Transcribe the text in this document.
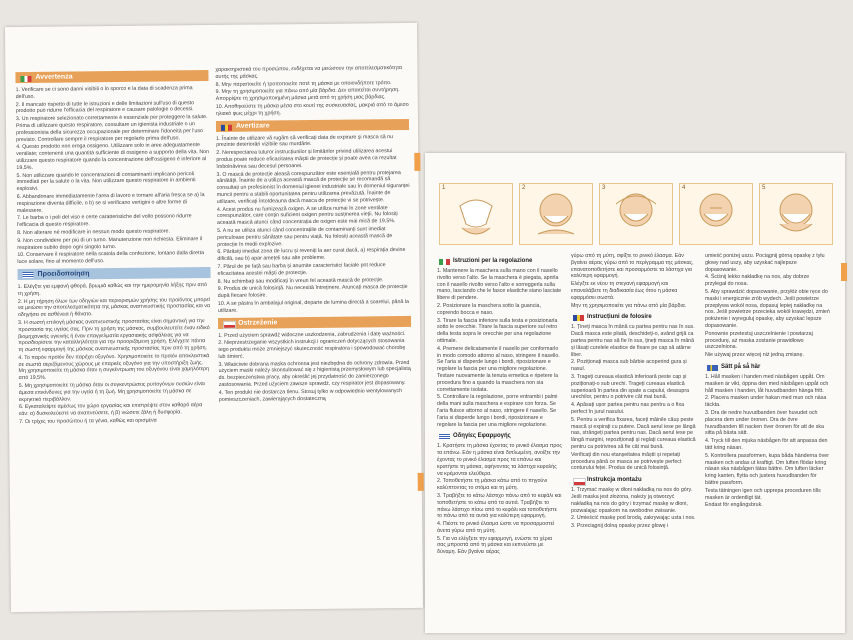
Avvertenza

1. Verificare se ci sono danni visibili o lo sporco e la data di scadenza prima dell'uso.

2. Il mancato rispetto di tutte le istruzioni e delle limitazioni sull'uso di questo prodotto può ridurre l'efficacia del respiratore e causare patologie o decessi.

3. Un respiratore selezionato correttamente è essenziale per proteggere la salute. Prima di utilizzare questo respiratore, consultare un igienista industriale o un professionista della sicurezza occupazionale per determinare l'idoneità per l'uso previsto. Controllare sempre il respiratore per regolarlo prima dell'uso.

4. Questo prodotto non eroga ossigeno. Utilizzare solo in aree adeguatamente ventilate; contenenti una quantità sufficiente di ossigeno a supporto della vita. Non utilizzare questo respiratore quando la concentrazione dell'ossigeno è inferiore al 19,5%.

5. Non utilizzare quando le concentrazioni di contaminanti implicano pericoli immediati per la salute o la vita. Non utilizzare questo respiratore in ambienti esplosivi.

6. Abbandonare immediatamente l'area di lavoro e tornare all'aria fresca se a) la respirazione diventa difficile, o b) se si verificano vertigini o altre forme di malessere.

7. Le barba o i peli del viso e certe caratteristiche del volto possono ridurre l'efficacia di questo respiratore.

8. Non alterare né modificare in nessun modo questo respiratore.

9. Non condividere per più di un turno. Manutenzione non richiesta. Eliminare il respiratore subito dopo ogni singolo turno.

10. Conservare il respiratore nella scatola della confezione, lontano dalla diretta luce solare, fino al momento dell'uso.

Προειδοποίηση

1. Ελέγξτε για εμφανή φθορά, βρωμιά καθώς και την ημερομηνία λήξης πριν από τη χρήση.

2. Η μη τήρηση όλων των οδηγιών και περιορισμών χρήσης του προϊόντος μπορεί να μειώσει την αποτελεσματικότητα της μάσκας αναπνευστικής προστασίας και να οδηγήσει σε ασθένεια ή θάνατο.

3. Η σωστή επιλογή μάσκας αναπνευστικής προστασίας είναι σημαντική για την προστασία της υγείας σας. Πριν τη χρήση της μάσκας, συμβουλευτείτε έναν ειδικό βιομηχανικής υγιεινής ή έναν επαγγελματία εργασιακής ασφάλειας για να προσδιορίσετε την καταλληλότητα για την προοριζόμενη χρήση. Ελέγχετε πάντα τη σωστή εφαρμογή της μάσκας αναπνευστικής προστασίας πριν από τη χρήση.

4. Το παρόν προϊόν δεν παρέχει οξυγόνο. Χρησιμοποιείτε το προϊόν αποκλειστικά σε σωστά αεριζόμενους χώρους με επαρκές οξυγόνο για την υποστήριξη ζωής. Μη χρησιμοποιείτε τη μάσκα όταν η συγκέντρωση του οξυγόνου είναι χαμηλότερη από 19,5%.

5. Μη χρησιμοποιείτε τη μάσκα όταν οι συγκεντρώσεις ρυπογόνων ουσιών είναι άμεσα επικίνδυνες για την υγεία ή τη ζωή. Μη χρησιμοποιείτε τη μάσκα σε εκρηκτικό περιβάλλον.

6. Εγκαταλείψτε αμέσως τον χώρο εργασίας και επιστρέψτε στον καθαρό αέρα εάν: α) δυσκολεύεστε να αναπνεύσετε, ή β) νιώσετε ζάλη ή δυσφορία.

7. Οι τρίχες του προσώπου ή τα γένια, καθώς και ορισμένα

χαρακτηριστικά του προσώπου, ενδέχεται να μειώσουν την αποτελεσματικότητα αυτής της μάσκας.

8. Μην παραποιείτε ή τροποποιείτε ποτέ τη μάσκα με οποιονδήποτε τρόπο.

9. Μην τη χρησιμοποιείτε για πάνω από μία βάρδια. Δεν απαιτείται συντήρηση. Απορρίψτε τη χρησιμοποιημένη μάσκα μετά από τη χρήση μιας βάρδιας.

10. Αποθηκεύστε τη μάσκα μέσα στο κουτί της συσκευασίας, μακριά από το άμεσο ηλιακό φως μέχρι τη χρήση.

Avertizare

1. Înainte de utilizare vă rugăm să verificați data de expirare și masca să nu prezinte deteriorări vizibile sau murdărie.

2. Nerespectarea tuturor instrucțiunilor și limitărilor privind utilizarea acestui produs poate reduce eficacitatea măștii de protecție și poate avea ca rezultat îmbolnăvirea sau decesul persoanei.

3. O mască de protecție aleasă corespunzător este esențială pentru protejarea sănătății. Înainte de a utiliza această mască de protecție se recomandă să consultați un profesionist în domeniul igienei industriale sau în domeniul siguranței muncii pentru a stabili oportunitatea pentru utilizarea prevăzută. Înainte de utilizare, verificați întotdeauna dacă masca de protecție vi se potrivește.

4. Acest produs nu furnizează oxigen. A se utiliza numai în zone ventilate corespunzător, care conțin suficient oxigen pentru susținerea vieții. Nu folosiți această mască atunci când concentrația de oxigen este mai mică de 19,5%.

5. A nu se utiliza atunci când concentrațiile de contaminanți sunt imediat periculoase pentru sănătate sau pentru viață. Nu folosiți această mască de protecție în medii explozive.

6. Părăsiți imediat zona de lucru și reveniți la aer curat dacă, a) respirația devine dificilă, sau b) apar amețeli sau alte probleme.

7. Părul de pe față sau barba și anumite caracteristici faciale pot reduce eficacitatea acestei măști de protecție.

8. Nu schimbați sau modificați în vreun fel această mască de protecție.

9. Produs de unică folosință. Nu necesită întreținere. Aruncați masca de protecție după fiecare folosire.

10. A se păstra în ambalajul original, departe de lumina directă a soarelui, până la utilizare.

Ostrzeżenie

1. Przed użyciem sprawdź widoczne uszkodzenia, zabrudzenia i datę ważności.

2. Nieprzestrzeganie wszystkich instrukcji i ograniczeń dotyczących stosowania tego produktu może zmniejszyć skuteczność respiratora i spowodować chorobę lub śmierć.

3. Właściwie dobrana maska ochronna jest niezbędna do ochrony zdrowia. Przed użyciem maski należy skonsultować się z higienistą przemysłowym lub specjalistą ds. bezpieczeństwa pracy, aby określić jej przydatność do zamierzonego zastosowania. Przed użyciem zawsze sprawdź, czy respirator jest dopasowany.

4. Ten produkt nie dostarcza tlenu. Stosuj tylko w odpowiednio wentylowanych pomieszczeniach, zawierających dostateczną

1	2	3	4	5
Istruzioni per la regolazione

1. Mantenere la maschera sulla mano con il nasello rivolto verso l'alto. Se la maschera è piegata, aprirla con il nasello rivolto verso l'alto e sorreggerla sulla mano, lasciando che le fasce elastiche siano lasciate libere di pendere.

2. Posizionare la maschera sotto la guancia, coprendo bocca e naso.

3. Tirare la fascia inferiore sulla testa e posizionarla sotto le orecchie. Tirare la fascia superiore sul retro della testa sopra le orecchie per una regolazione ottimale.

4. Premere delicatamente il nasello per conformarlo in modo comodo attorno al naso, stringere il nasello. Se l'aria si disperde lungo i bordi, riposizionare e regolare la fascia per una migliore regolazione. Testare nuovamente la tenuta ermetica e ripetere la procedura fino a quando la maschera non sia correttamente isolata.

5. Controllare la regolazione, porre entrambi i palmi della mani sulla maschera e espirare con forza. Se l'aria fluisce attorno al naso, stringere il nasello. Se l'aria si disperde lungo i bordi, riposizionare e regolare la fascia per una migliore regolazione.

Οδηγίες Εφαρμογής

1. Κρατήστε τη μάσκα έχοντας το ρινικό έλασμα προς τα επάνω. Εάν η μάσκα είναι διπλωμένη, ανοίξτε την έχοντας το ρινικό έλασμα προς τα επάνω και κρατήστε τη μάσκα, αφήνοντας τα λάστιχα κεφαλής να κρέμονται ελεύθερα.

2. Τοποθετήστε τη μάσκα κάτω από το πηγούνι καλύπτοντας το στόμα και τη μύτη.

3. Τραβήξτε το κάτω λάστιχο πάνω από το κεφάλι και τοποθετήστε το κάτω από τα αυτιά. Τραβήξτε το πάνω λάστιχο πίσω από το κεφάλι και τοποθετήστε το πάνω από τα αυτιά για καλύτερη εφαρμογή.

4. Πιέστε το ρινικό έλασμα ώστε να προσαρμοστεί άνετα γύρω από τη μύτη.

5. Για να ελέγξετε την εφαρμογή, ενώστε τα χέρια σας μπροστά από τη μάσκα και εκπνεύστε με δύναμη. Εάν βγαίνει αέρας

γύρω από τη μύτη, σφίξτε το ρινικό έλασμα. Εάν βγαίνει αέρας γύρω από το περίγραμμα της μάσκας, επανατοποθετήστε και προσαρμόστε τα λάστιχα για καλύτερη εφαρμογή.

Ελέγξτε εκ νέου τη στεγανή εφαρμογή και επαναλάβετε τη διαδικασία έως ότου η μάσκα εφαρμόσει σωστά.

Μην τη χρησιμοποιείτε για πάνω από μία βάρδια.

Instrucțiuni de folosire

1. Țineți masca în mână cu partea pentru nas în sus. Dacă masca este pliată, deschideți-o, având grijă ca partea pentru nas să fie în sus, țineți masca în mână și lăsați curelele elastice de fixare pe cap să atârne liber.

2. Poziționați masca sub bărbie acoperind gura și nasul.

3. Trageți cureaua elastică inferioară peste cap și poziționați-o sub urechi. Trageți cureaua elastică superioară în partea din spate a capului, deasupra urechilor, pentru o potrivire cât mai bună.

4. Apăsați ușor partea pentru nas pentru a o fixa perfect în jurul nasului.

5. Pentru a verifica fixarea, faceți mâinile căuș peste mască și expirați cu putere. Dacă aerul iese pe lângă nas, strângeți partea pentru nas. Dacă aerul iese pe lângă margini, repoziționați și reglați cureaua elastică pentru ca potrivirea să fie cât mai bună.

Verificați din nou etanșeitatea măștii și repetați procedura până ce masca se potrivește perfect conturului feței. Produs de unică folosință.

Instrukcja montażu

1. Trzymać maskę w dłoni nakładką na nos do góry. Jeśli maska jest złożona, należy ją otworzyć nakładką na nos do góry i trzymać maskę w dłoni, pozwalając opaskom na swobodne zwisanie.

2. Umieścić maskę pod brodą, zakrywając usta i nos.

3. Przeciągnij dolną opaskę przez głowę i

umieść poniżej uszu. Pociągnij górną opaskę z tyłu głowy nad uszy, aby uzyskać najlepsze dopasowanie.

4. Ściśnij lekko nakładkę na nos, aby dobrze przylegał do nosa.

5. Aby sprawdzić dopasowanie, przyłóż obie ręce do maski i energicznie zrób wydech. Jeśli powietrze przepływa wokół nosa, dopasuj lepiej nakładkę na nos. Jeśli powietrze przecieka wokół krawędzi, zmień położenie i wyreguluj opaskę, aby uzyskać lepsze dopasowanie.

Ponownie przetestuj uszczelnienie i powtarzaj procedurę, aż maska zostanie prawidłowo uszczelniona.

Nie używaj przez więcej niż jedną zmianę.

Sätt på så här

1. Håll masken i handen med näsbågen uppåt. Om masken är vikt, öppna den med näsbågen uppåt och håll masken i handen, låt huvudbanden hänga fritt.

2. Placera masken under hakan med mun och näsa täckta.

3. Dra de nedre huvudbanden över huvudet och placera dem under öronen. Dra de övre huvudbanden till nacken över öronen för att de ska sitta på bästa sätt.

4. Tryck till den mjuka näsbågen för att anpassa den tätt kring näsan.

5. Kontrollera passformen, kupa båda händerna över masken och andas ut kraftigt. Om luften flödar kring näsan ska näsbågen tätas bättre. Om luften läcker kring kanten, flytta och justera huvudbanden för bättre passform.

Testa tätningen igen och upprepa proceduren tills masken är ordentligt tät.

Endast för engångsbruk.
